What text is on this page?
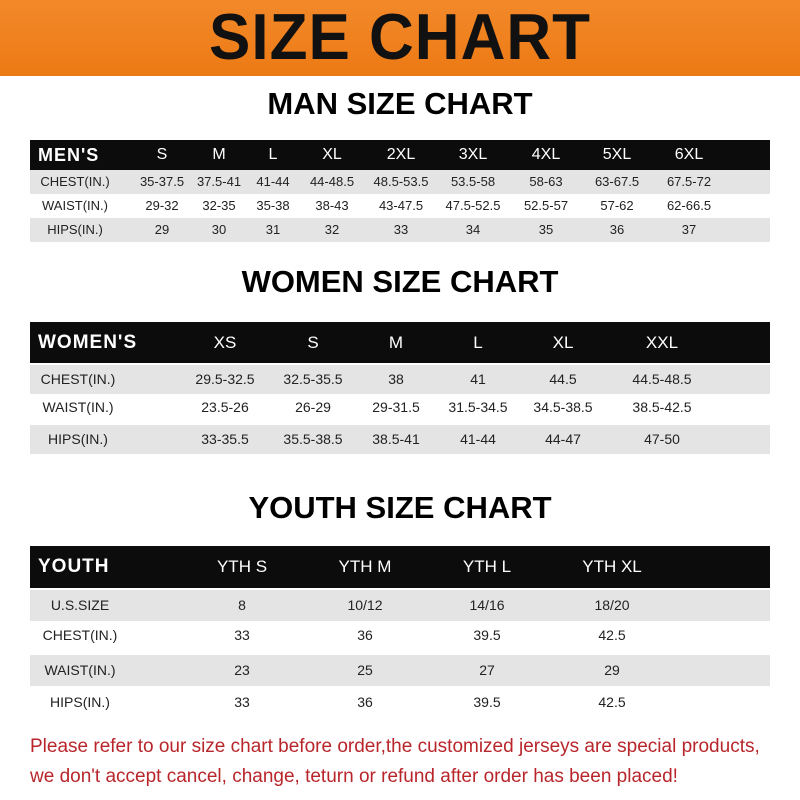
SIZE CHART
MAN SIZE CHART
MEN'S	S	M	L	XL	2XL	3XL	4XL	5XL	6XL
CHEST(IN.) 35-37.5 37.5-41 41-44 44-48.5 48.5-53.5 53.5-58	58-63 63-67.5 67.5-72
WAIST(IN.)	29-32 32-35 35-38 38-43 43-47.5 47.5-52.5 52.5-57 57-62	62-66.5
HIPS(IN.)	29	30	31	32	33	34	35	36	37
WOMEN SIZE CHART
WOMEN'S	XS	S	M	L	XL	XXL
CHEST(IN.)	29.5-32.5 32.5-35.5	38	41	44.5	44.5-48.5
WAIST(IN.)	23.5-26	26-29	29-31.5 31.5-34.5 34.5-38.5	38.5-42.5
HIPS(IN.)	33-35.5 35.5-38.5 38.5-41	41-44	44-47	47-50
YOUTH SIZE CHART
YOUTH	YTH S	YTH M	YTH L	YTH XL
U.S.SIZE	8	10/12	14/16	18/20
CHEST(IN.)	33	36	39.5	42.5
WAIST(IN.)	23	25	27	29
HIPS(IN.)	33	36	39.5	42.5
Please refer to our size chart before order,the customized jerseys are special products,
we don't accept cancel, change, teturn or refund after order has been placed!
